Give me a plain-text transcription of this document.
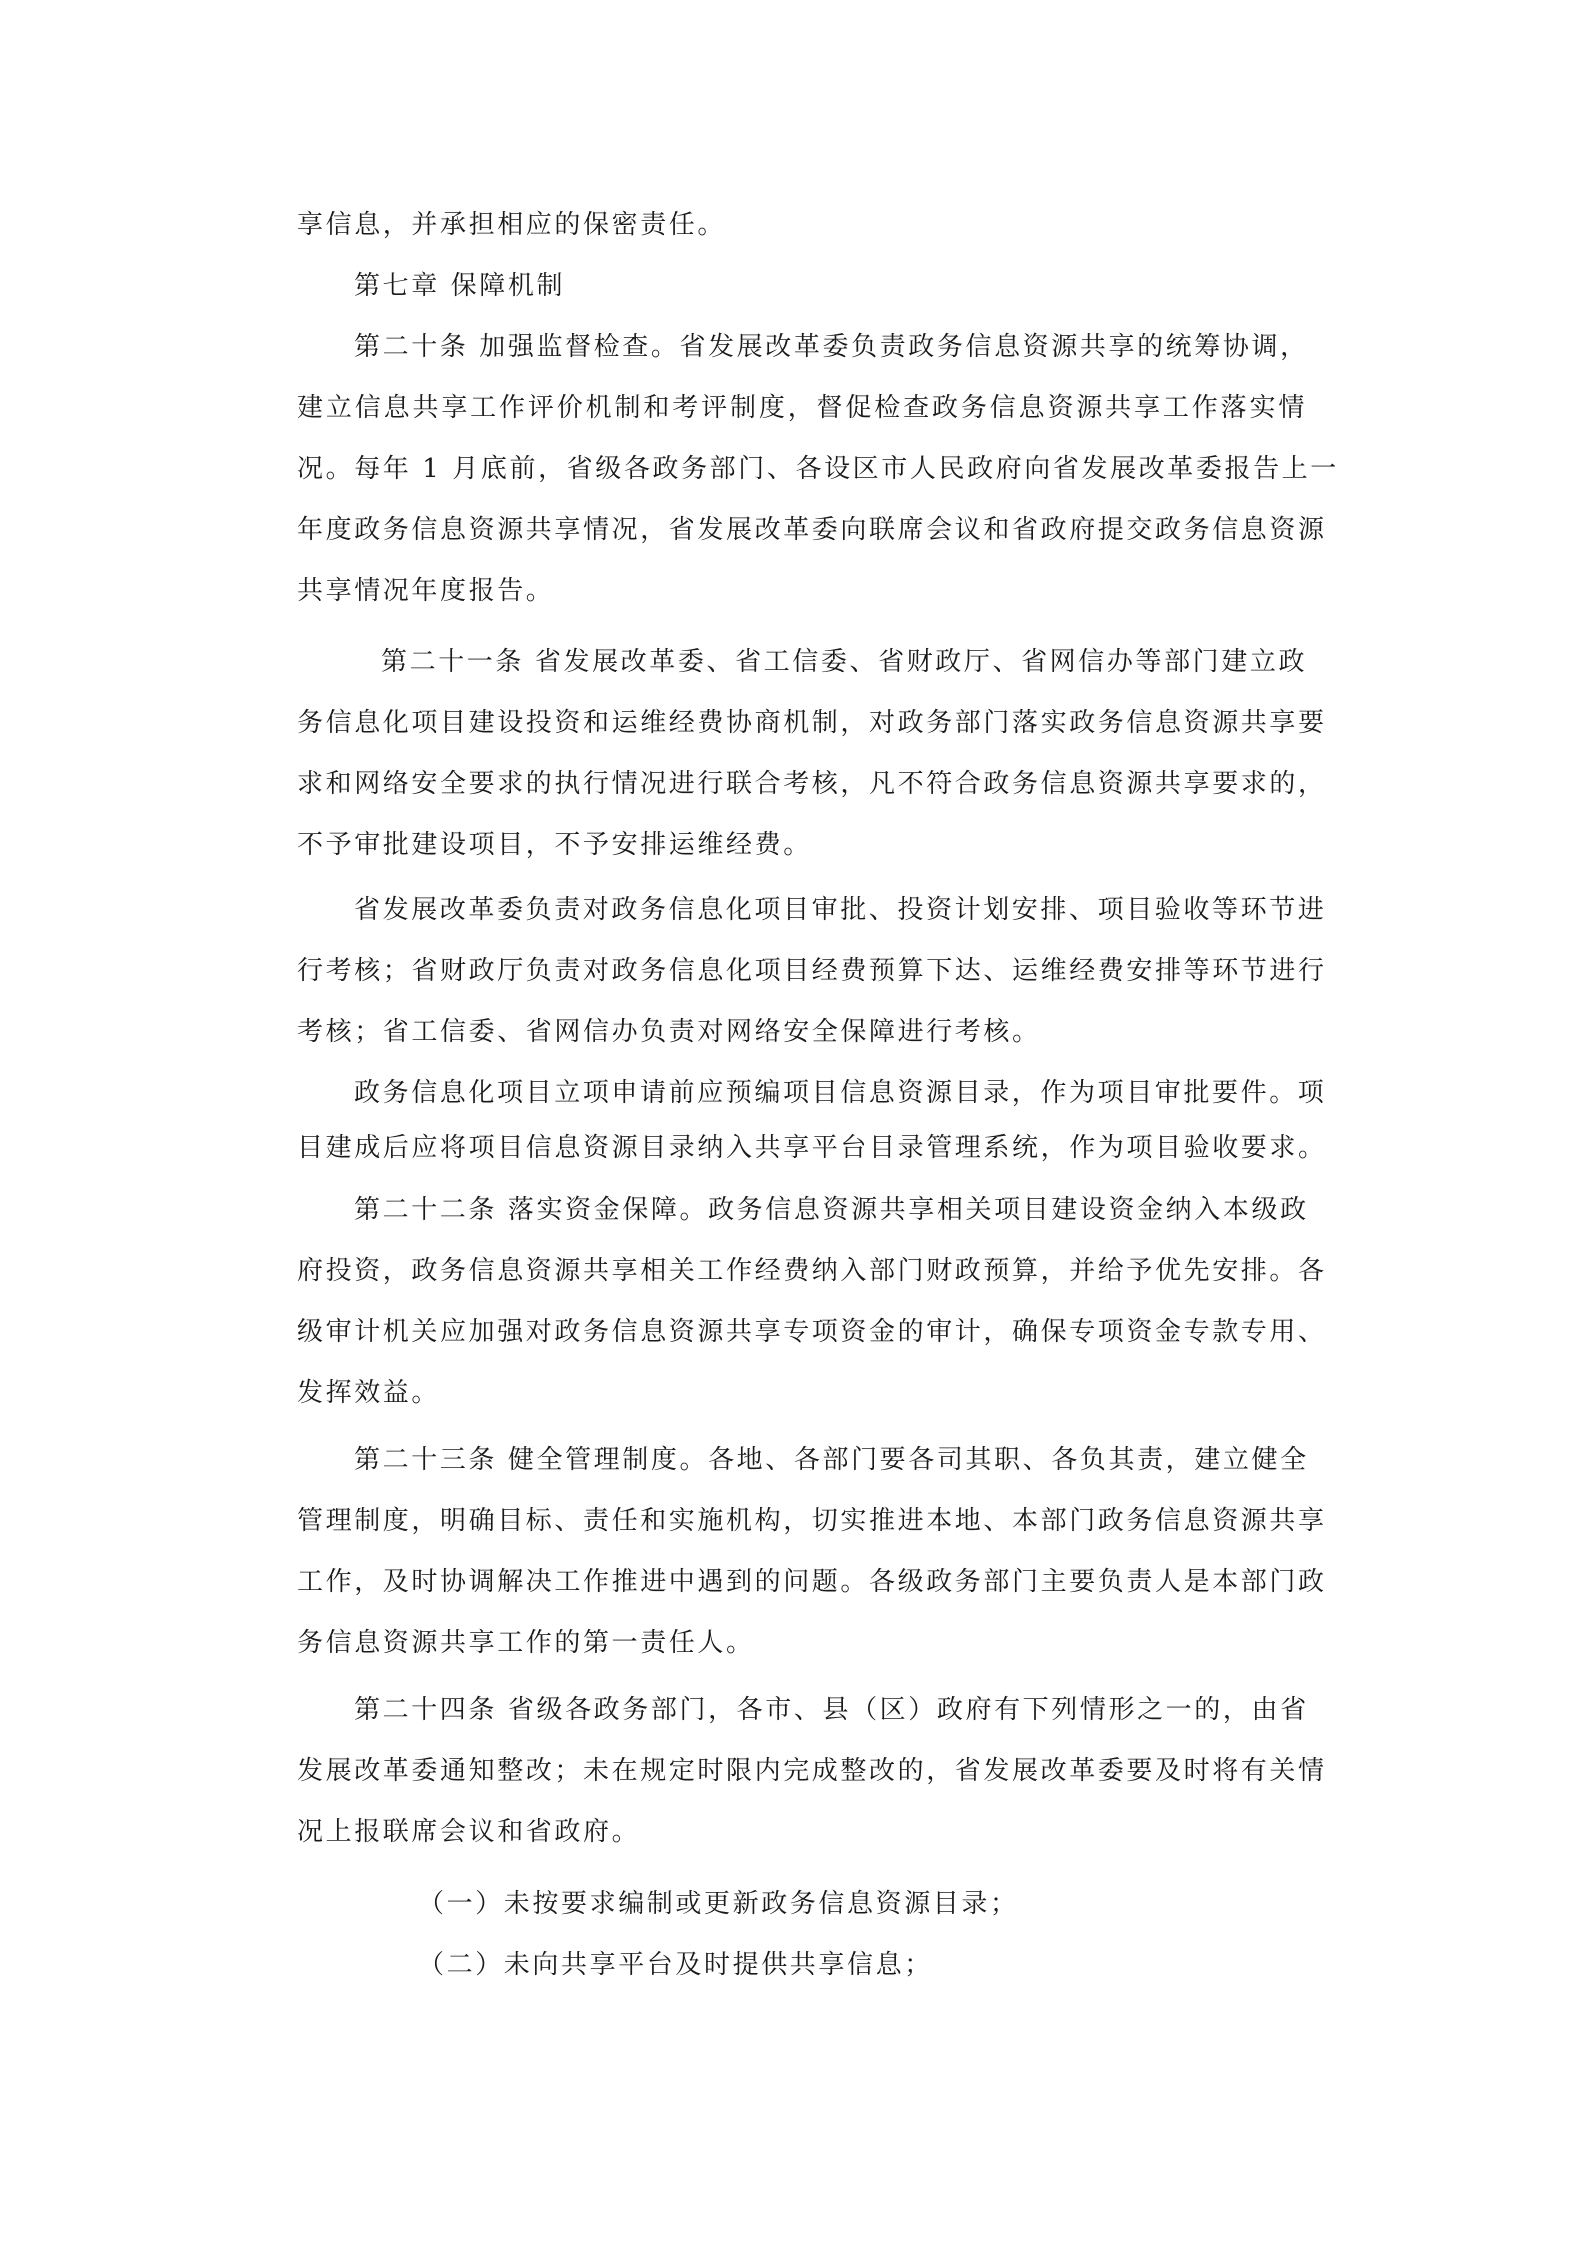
享信息，并承担相应的保密责任。
第七章 保障机制
第二十条 加强监督检查。省发展改革委负责政务信息资源共享的统筹协调，
建立信息共享工作评价机制和考评制度，督促检查政务信息资源共享工作落实情
况。每年 1 月底前，省级各政务部门、各设区市人民政府向省发展改革委报告上一
年度政务信息资源共享情况，省发展改革委向联席会议和省政府提交政务信息资源
共享情况年度报告。
第二十一条 省发展改革委、省工信委、省财政厅、省网信办等部门建立政
务信息化项目建设投资和运维经费协商机制，对政务部门落实政务信息资源共享要
求和网络安全要求的执行情况进行联合考核，凡不符合政务信息资源共享要求的，
不予审批建设项目，不予安排运维经费。
省发展改革委负责对政务信息化项目审批、投资计划安排、项目验收等环节进
行考核；省财政厅负责对政务信息化项目经费预算下达、运维经费安排等环节进行
考核；省工信委、省网信办负责对网络安全保障进行考核。
政务信息化项目立项申请前应预编项目信息资源目录，作为项目审批要件。项
目建成后应将项目信息资源目录纳入共享平台目录管理系统，作为项目验收要求。
第二十二条 落实资金保障。政务信息资源共享相关项目建设资金纳入本级政
府投资，政务信息资源共享相关工作经费纳入部门财政预算，并给予优先安排。各
级审计机关应加强对政务信息资源共享专项资金的审计，确保专项资金专款专用、
发挥效益。
第二十三条 健全管理制度。各地、各部门要各司其职、各负其责，建立健全
管理制度，明确目标、责任和实施机构，切实推进本地、本部门政务信息资源共享
工作，及时协调解决工作推进中遇到的问题。各级政务部门主要负责人是本部门政
务信息资源共享工作的第一责任人。
第二十四条 省级各政务部门，各市、县（区）政府有下列情形之一的，由省
发展改革委通知整改；未在规定时限内完成整改的，省发展改革委要及时将有关情
况上报联席会议和省政府。
（一）未按要求编制或更新政务信息资源目录；
（二）未向共享平台及时提供共享信息；
